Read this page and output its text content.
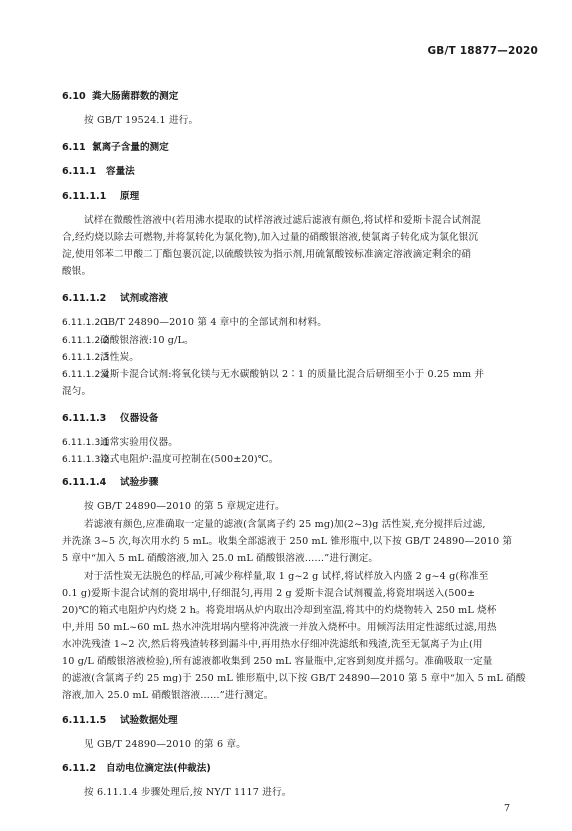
GB/T 18877—2020
6.10 粪大肠菌群数的测定
按 GB/T 19524.1 进行。
6.11 氯离子含量的测定
6.11.1 容量法
6.11.1.1 原理
试样在微酸性溶液中(若用沸水提取的试样溶液过滤后滤液有颜色,将试样和爱斯卡混合试剂混
合,经灼烧以除去可燃物,并将氯转化为氯化物),加入过量的硝酸银溶液,使氯离子转化成为氯化银沉
淀,使用邻苯二甲酸二丁酯包裹沉淀,以硫酸铁铵为指示剂,用硫氰酸铵标准滴定溶液滴定剩余的硝
酸银。
6.11.1.2 试剂或溶液
6.11.1.2.1GB/T 24890—2010 第 4 章中的全部试剂和材料。
6.11.1.2.2硝酸银溶液:10 g/L。
6.11.1.2.3活性炭。
6.11.1.2.4爱斯卡混合试剂:将氧化镁与无水碳酸钠以 2∶1 的质量比混合后研细至小于 0.25 mm 并
混匀。
6.11.1.3 仪器设备
6.11.1.3.1通常实验用仪器。
6.11.1.3.2箱式电阻炉:温度可控制在(500±20)℃。
6.11.1.4 试验步骤
按 GB/T 24890—2010 的第 5 章规定进行。
若滤液有颜色,应准确取一定量的滤液(含氯离子约 25 mg)加(2~3)g 活性炭,充分搅拌后过滤,
并洗涤 3~5 次,每次用水约 5 mL。收集全部滤液于 250 mL 锥形瓶中,以下按 GB/T 24890—2010 第
5 章中“加入 5 mL 硝酸溶液,加入 25.0 mL 硝酸银溶液……”进行测定。
对于活性炭无法脱色的样品,可减少称样量,取 1 g~2 g 试样,将试样放入内盛 2 g~4 g(称准至
0.1 g)爱斯卡混合试剂的瓷坩埚中,仔细混匀,再用 2 g 爱斯卡混合试剂覆盖,将瓷坩埚送入(500±
20)℃的箱式电阻炉内灼烧 2 h。将瓷坩埚从炉内取出冷却到室温,将其中的灼烧物转入 250 mL 烧杯
中,并用 50 mL~60 mL 热水冲洗坩埚内壁将冲洗液一并放入烧杯中。用倾泻法用定性滤纸过滤,用热
水冲洗残渣 1~2 次,然后将残渣转移到漏斗中,再用热水仔细冲洗滤纸和残渣,洗至无氯离子为止(用
10 g/L 硝酸银溶液检验),所有滤液都收集到 250 mL 容量瓶中,定容到刻度并摇匀。准确吸取一定量
的滤液(含氯离子约 25 mg)于 250 mL 锥形瓶中,以下按 GB/T 24890—2010 第 5 章中“加入 5 mL 硝酸
溶液,加入 25.0 mL 硝酸银溶液……”进行测定。
6.11.1.5 试验数据处理
见 GB/T 24890—2010 的第 6 章。
6.11.2 自动电位滴定法(仲裁法)
按 6.11.1.4 步骤处理后,按 NY/T 1117 进行。
7
